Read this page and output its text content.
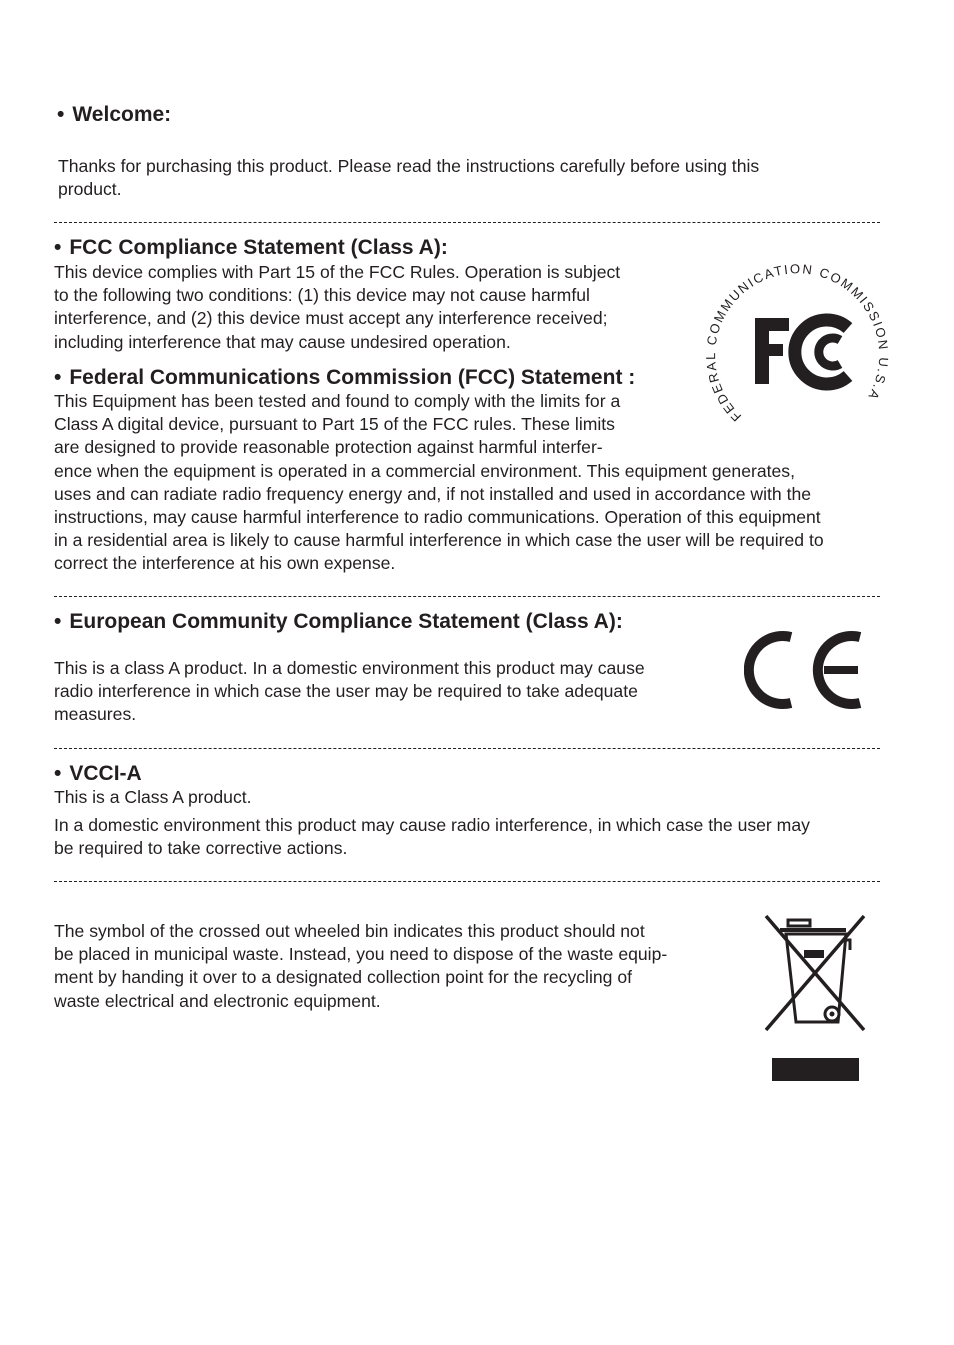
• Welcome:

Thanks for purchasing this product. Please read the instructions carefully before using this
product.

• FCC Compliance Statement (Class A):

This device complies with Part 15 of the FCC Rules. Operation is subject
to the following two conditions: (1) this device may not cause harmful
interference, and (2) this device must accept any interference received;
including interference that may cause undesired operation.

FEDERAL COMMUNICATION COMMISSION U.S.A
• Federal Communications Commission (FCC) Statement :

This Equipment has been tested and found to comply with the limits for a
Class A digital device, pursuant to Part 15 of the FCC rules. These limits
are designed to provide reasonable protection against harmful interfer-
ence when the equipment is operated in a commercial environment. This equipment generates,
uses and can radiate radio frequency energy and, if not installed and used in accordance with the
instructions, may cause harmful interference to radio communications. Operation of this equipment
in a residential area is likely to cause harmful interference in which case the user will be required to
correct the interference at his own expense.

• European Community Compliance Statement (Class A):

This is a class A product. In a domestic environment this product may cause
radio interference in which case the user may be required to take adequate
measures.

• VCCI-A

This is a Class A product.

In a domestic environment this product may cause radio interference, in which case the user may
be required to take corrective actions.

The symbol of the crossed out wheeled bin indicates this product should not
be placed in municipal waste. Instead, you need to dispose of the waste equip-
ment by handing it over to a designated collection point for the recycling of
waste electrical and electronic equipment.
